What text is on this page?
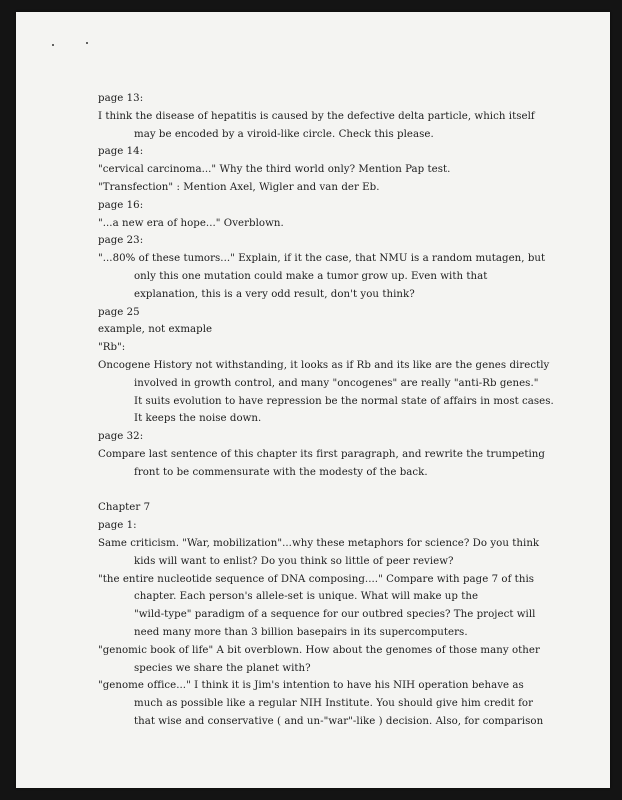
page 13:
I think the disease of hepatitis is caused by the defective delta particle, which itself
may be encoded by a viroid-like circle. Check this please.
page 14:
"cervical carcinoma..." Why the third world only? Mention Pap test.
"Transfection" : Mention Axel, Wigler and van der Eb.
page 16:
"...a new era of hope..." Overblown.
page 23:
"...80% of these tumors..." Explain, if it the case, that NMU is a random mutagen, but
only this one mutation could make a tumor grow up. Even with that
explanation, this is a very odd result, don't you think?
page 25
example, not exmaple
"Rb":
Oncogene History not withstanding, it looks as if Rb and its like are the genes directly
involved in growth control, and many "oncogenes" are really "anti-Rb genes."
It suits evolution to have repression be the normal state of affairs in most cases.
It keeps the noise down.
page 32:
Compare last sentence of this chapter its first paragraph, and rewrite the trumpeting
front to be commensurate with the modesty of the back.
Chapter 7
page 1:
Same criticism. "War, mobilization"...why these metaphors for science? Do you think
kids will want to enlist? Do you think so little of peer review?
"the entire nucleotide sequence of DNA composing...." Compare with page 7 of this
chapter. Each person's allele-set is unique. What will make up the
"wild-type" paradigm of a sequence for our outbred species? The project will
need many more than 3 billion basepairs in its supercomputers.
"genomic book of life" A bit overblown. How about the genomes of those many other
species we share the planet with?
"genome office..." I think it is Jim's intention to have his NIH operation behave as
much as possible like a regular NIH Institute. You should give him credit for
that wise and conservative ( and un-"war"-like ) decision. Also, for comparison
